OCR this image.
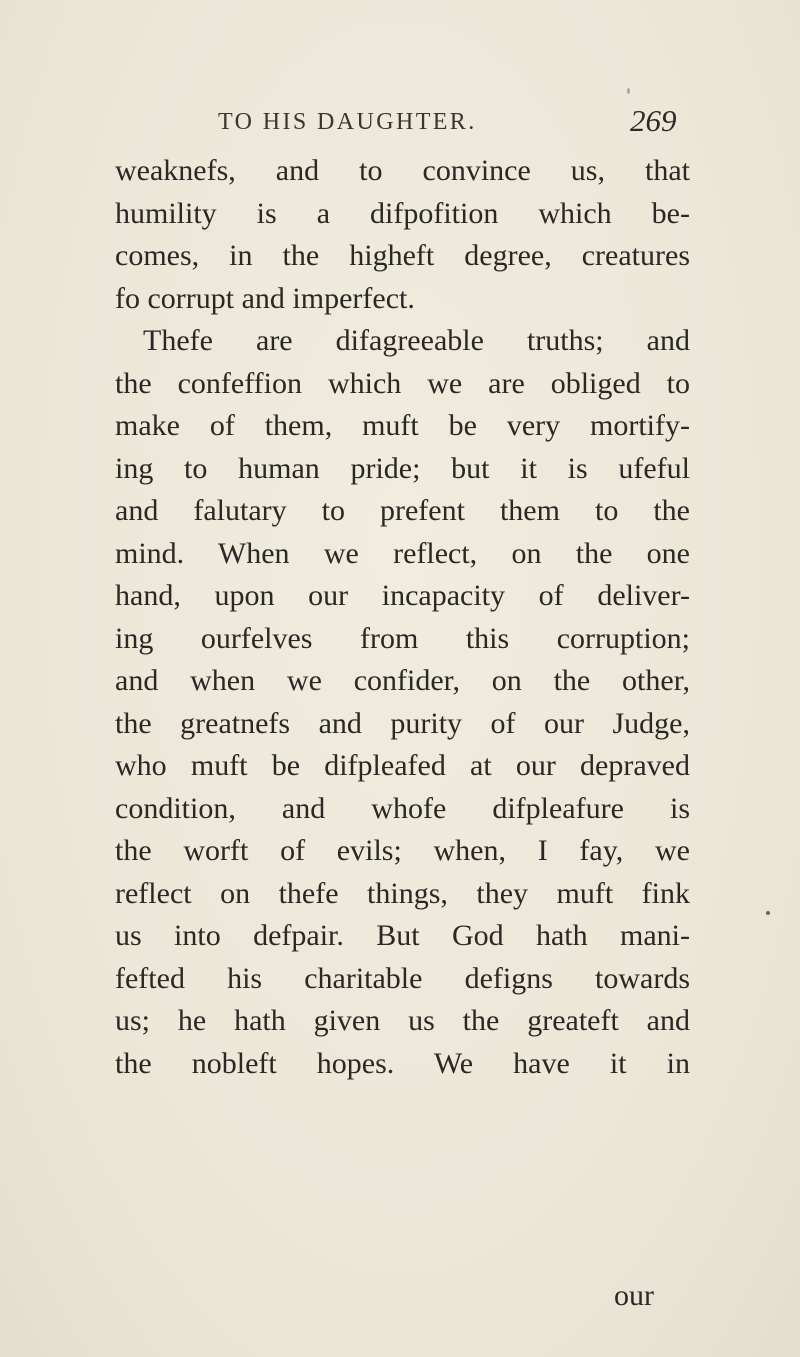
TO HIS DAUGHTER.	269
weaknefs, and to convince us, that
humility is a difpofition which be-
comes, in the higheft degree, creatures
fo corrupt and imperfect.
Thefe are difagreeable truths; and
the confeffion which we are obliged to
make of them, muft be very mortify-
ing to human pride; but it is ufeful
and falutary to prefent them to the
mind. When we reflect, on the one
hand, upon our incapacity of deliver-
ing ourfelves from this corruption;
and when we confider, on the other,
the greatnefs and purity of our Judge,
who muft be difpleafed at our depraved
condition, and whofe difpleafure is
the worft of evils; when, I fay, we
reflect on thefe things, they muft fink
us into defpair. But God hath mani-
fefted his charitable defigns towards
us; he hath given us the greateft and
the nobleft hopes. We have it in
our
